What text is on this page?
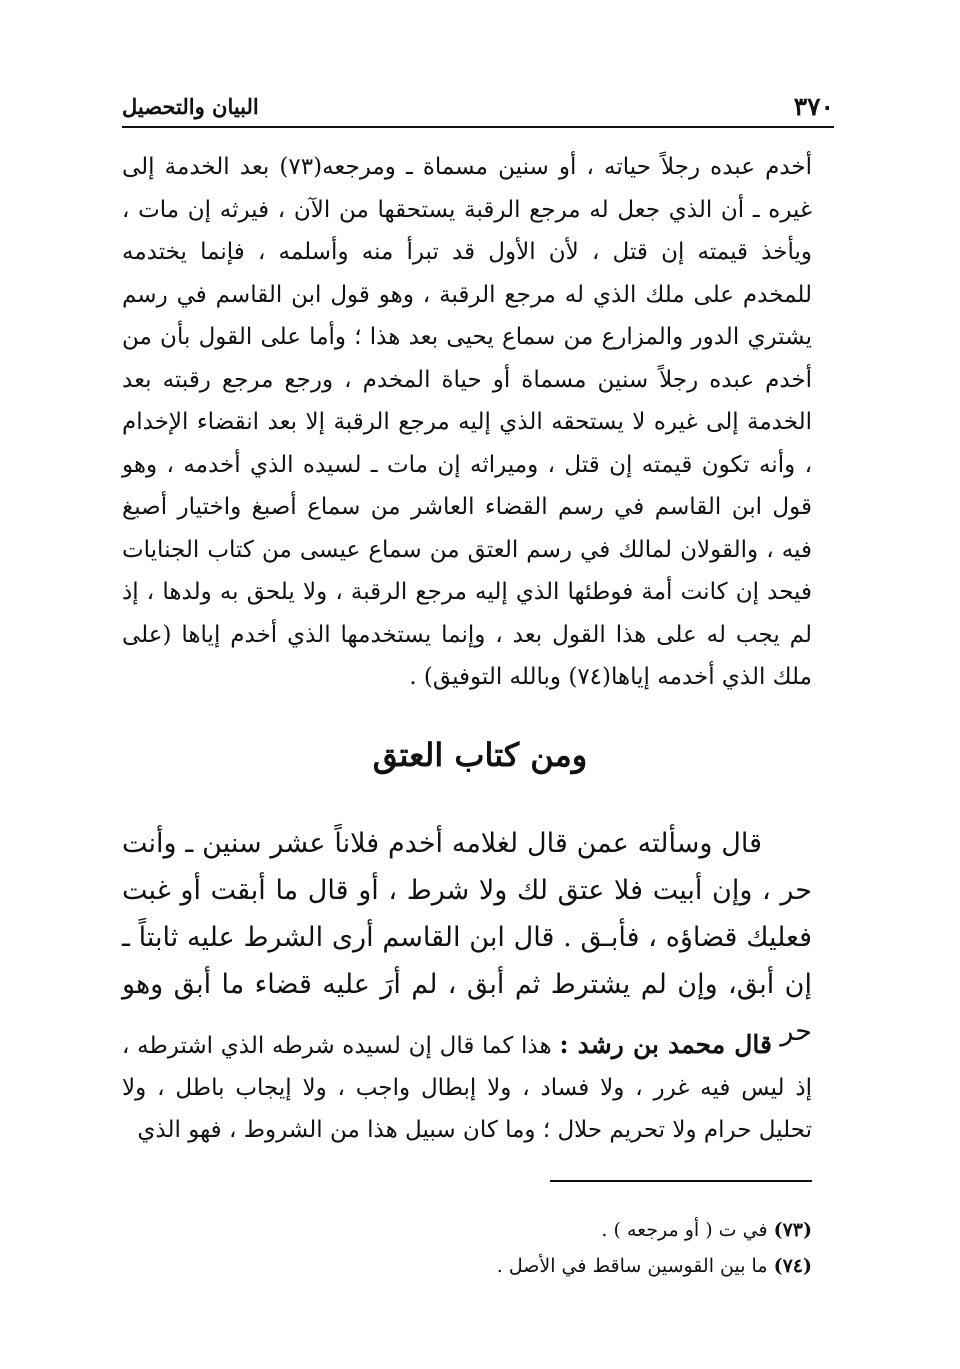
٣٧٠
البيان والتحصيل

أخدم عبده رجلاً حياته ، أو سنين مسماة ـ ومرجعه(٧٣) بعد الخدمة إلى غيره ـ أن الذي جعل له مرجع الرقبة يستحقها من الآن ، فيرثه إن مات ، ويأخذ قيمته إن قتل ، لأن الأول قد تبرأ منه وأسلمه ، فإنما يختدمه للمخدم على ملك الذي له مرجع الرقبة ، وهو قول ابن القاسم في رسم يشتري الدور والمزارع من سماع يحيى بعد هذا ؛ وأما على القول بأن من أخدم عبده رجلاً سنين مسماة أو حياة المخدم ، ورجع مرجع رقبته بعد الخدمة إلى غيره لا يستحقه الذي إليه مرجع الرقبة إلا بعد انقضاء الإخدام ، وأنه تكون قيمته إن قتل ، وميراثه إن مات ـ لسيده الذي أخدمه ، وهو قول ابن القاسم في رسم القضاء العاشر من سماع أصبغ واختيار أصبغ فيه ، والقولان لمالك في رسم العتق من سماع عيسى من كتاب الجنايات فيحد إن كانت أمة فوطئها الذي إليه مرجع الرقبة ، ولا يلحق به ولدها ، إذ لم يجب له على هذا القول بعد ، وإنما يستخدمها الذي أخدم إياها (على ملك الذي أخدمه إياها(٧٤) وبالله التوفيق) .

ومن كتاب العتق

قال وسألته عمن قال لغلامه أخدم فلاناً عشر سنين ـ وأنت حر ، وإن أبيت فلا عتق لك ولا شرط ، أو قال ما أبقت أو غبت فعليك قضاؤه ، فأبـق . قال ابن القاسم أرى الشرط عليه ثابتاً ـ إن أبق، وإن لم يشترط ثم أبق ، لم أرَ عليه قضاء ما أبق وهو حر .

قال محمد بن رشد : هذا كما قال إن لسيده شرطه الذي اشترطه ، إذ ليس فيه غرر ، ولا فساد ، ولا إبطال واجب ، ولا إيجاب باطل ، ولا تحليل حرام ولا تحريم حلال ؛ وما كان سبيل هذا من الشروط ، فهو الذي

(٧٣) في ت ( أو مرجعه ) .
(٧٤) ما بين القوسين ساقط في الأصل .
